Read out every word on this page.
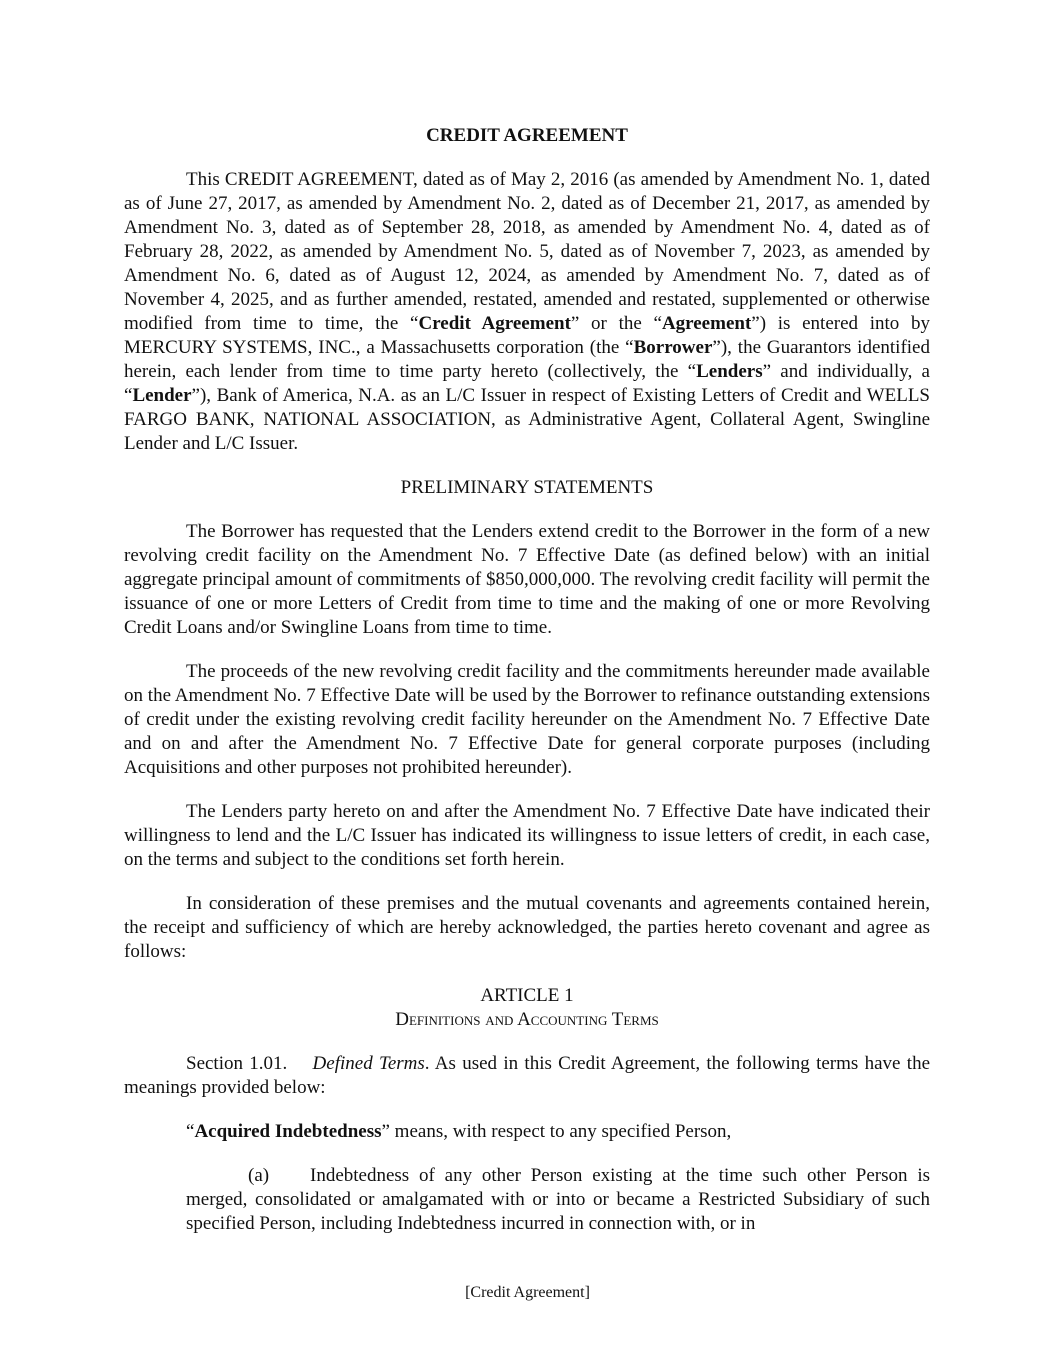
CREDIT AGREEMENT

This CREDIT AGREEMENT, dated as of May 2, 2016 (as amended by Amendment No. 1, dated as of June 27, 2017, as amended by Amendment No. 2, dated as of December 21, 2017, as amended by Amendment No. 3, dated as of September 28, 2018, as amended by Amendment No. 4, dated as of February 28, 2022, as amended by Amendment No. 5, dated as of November 7, 2023, as amended by Amendment No. 6, dated as of August 12, 2024, as amended by Amendment No. 7, dated as of November 4, 2025, and as further amended, restated, amended and restated, supplemented or otherwise modified from time to time, the “Credit Agreement” or the “Agreement”) is entered into by MERCURY SYSTEMS, INC., a Massachusetts corporation (the “Borrower”), the Guarantors identified herein, each lender from time to time party hereto (collectively, the “Lenders” and individually, a “Lender”), Bank of America, N.A. as an L/C Issuer in respect of Existing Letters of Credit and WELLS FARGO BANK, NATIONAL ASSOCIATION, as Administrative Agent, Collateral Agent, Swingline Lender and L/C Issuer.

PRELIMINARY STATEMENTS

The Borrower has requested that the Lenders extend credit to the Borrower in the form of a new revolving credit facility on the Amendment No. 7 Effective Date (as defined below) with an initial aggregate principal amount of commitments of $850,000,000. The revolving credit facility will permit the issuance of one or more Letters of Credit from time to time and the making of one or more Revolving Credit Loans and/or Swingline Loans from time to time.

The proceeds of the new revolving credit facility and the commitments hereunder made available on the Amendment No. 7 Effective Date will be used by the Borrower to refinance outstanding extensions of credit under the existing revolving credit facility hereunder on the Amendment No. 7 Effective Date and on and after the Amendment No. 7 Effective Date for general corporate purposes (including Acquisitions and other purposes not prohibited hereunder).

The Lenders party hereto on and after the Amendment No. 7 Effective Date have indicated their willingness to lend and the L/C Issuer has indicated its willingness to issue letters of credit, in each case, on the terms and subject to the conditions set forth herein.

In consideration of these premises and the mutual covenants and agreements contained herein, the receipt and sufficiency of which are hereby acknowledged, the parties hereto covenant and agree as follows:

ARTICLE 1
Definitions and Accounting Terms

Section 1.01. Defined Terms. As used in this Credit Agreement, the following terms have the meanings provided below:

“Acquired Indebtedness” means, with respect to any specified Person,

(a) Indebtedness of any other Person existing at the time such other Person is merged, consolidated or amalgamated with or into or became a Restricted Subsidiary of such specified Person, including Indebtedness incurred in connection with, or in

[Credit Agreement]
